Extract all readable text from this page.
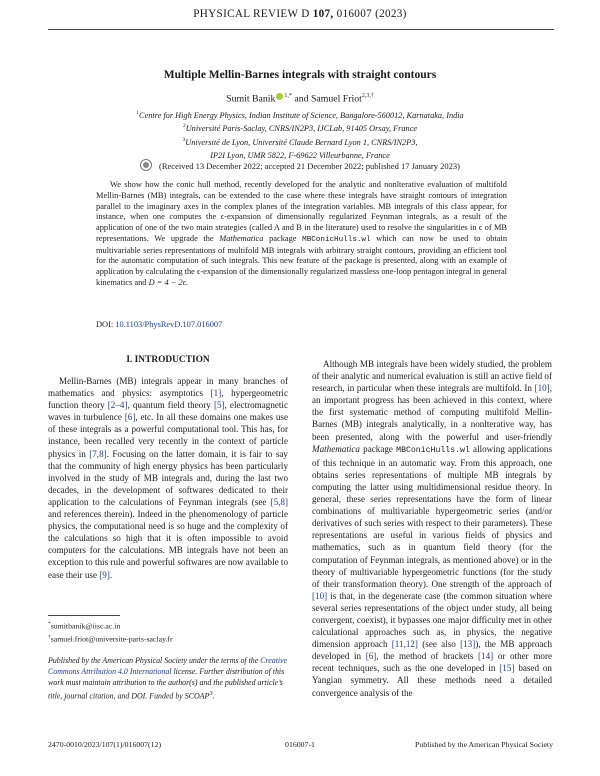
PHYSICAL REVIEW D 107, 016007 (2023)
Multiple Mellin-Barnes integrals with straight contours
Sumit Banik $^{1,*}$ and Samuel Friot$^{2,3,\dagger}$
$^1$Centre for High Energy Physics, Indian Institute of Science, Bangalore-560012, Karnataka, India
$^2$Université Paris-Saclay, CNRS/IN2P3, IJCLab, 91405 Orsay, France
$^3$Université de Lyon, Université Claude Bernard Lyon 1, CNRS/IN2P3,
IP2I Lyon, UMR 5822, F-69622 Villeurbanne, France
(Received 13 December 2022; accepted 21 December 2022; published 17 January 2023)
We show how the conic hull method, recently developed for the analytic and nonlterative evaluation of multifold Mellin-Barnes (MB) integrals, can be extended to the case where these integrals have straight contours of integration parallel to the imaginary axes in the complex planes of the integration variables. MB integrals of this class appear, for instance, when one computes the ϵ-expansion of dimensionally regularized Feynman integrals, as a result of the application of one of the two main strategies (called A and B in the literature) used to resolve the singularities in ϵ of MB representations. We upgrade the Mathematica package MBConicHulls.wl which can now be used to obtain multivariable series representations of multifold MB integrals with arbitrary straight contours, providing an efficient tool for the automatic computation of such integrals. This new feature of the package is presented, along with an example of application by calculating the ϵ-expansion of the dimensionally regularized massless one-loop pentagon integral in general kinematics and D = 4 − 2ϵ.
DOI: 10.1103/PhysRevD.107.016007
I. INTRODUCTION

Mellin-Barnes (MB) integrals appear in many branches of mathematics and physics: asymptotics [1], hypergeometric function theory [2–4], quantum field theory [5], electromagnetic waves in turbulence [6], etc. In all these domains one makes use of these integrals as a powerful computational tool. This has, for instance, been recalled very recently in the context of particle physics in [7,8]. Focusing on the latter domain, it is fair to say that the community of high energy physics has been particularly involved in the study of MB integrals and, during the last two decades, in the development of softwares dedicated to their application to the calculations of Feynman integrals (see [5,8] and references therein). Indeed in the phenomenology of particle physics, the computational need is so huge and the complexity of the calculations so high that it is often impossible to avoid computers for the calculations. MB integrals have not been an exception to this rule and powerful softwares are now available to ease their use [9].

*sumitbanik@iisc.ac.in
†samuel.friot@universite-paris-saclay.fr
Published by the American Physical Society under the terms of the Creative Commons Attribution 4.0 International license. Further distribution of this work must maintain attribution to the author(s) and the published article’s title, journal citation, and DOI. Funded by SCOAP$^3$.

Although MB integrals have been widely studied, the problem of their analytic and numerical evaluation is still an active field of research, in particular when these integrals are multifold. In [10], an important progress has been achieved in this context, where the first systematic method of computing multifold Mellin-Barnes (MB) integrals analytically, in a nonlterative way, has been presented, along with the powerful and user-friendly Mathematica package MBConicHulls.wl allowing applications of this technique in an automatic way. From this approach, one obtains series representations of multiple MB integrals by computing the latter using multidimensional residue theory. In general, these series representations have the form of linear combinations of multivariable hypergeometric series (and/or derivatives of such series with respect to their parameters). These representations are useful in various fields of physics and mathematics, such as in quantum field theory (for the computation of Feynman integrals, as mentioned above) or in the theory of multivariable hypergeometric functions (for the study of their transformation theory). One strength of the approach of [10] is that, in the degenerate case (the common situation where several series representations of the object under study, all being convergent, coexist), it bypasses one major difficulty met in other calculational approaches such as, in physics, the negative dimension approach [11,12] (see also [13]), the MB approach developed in [6], the method of brackets [14] or other more recent techniques, such as the one developed in [15] based on Yangian symmetry. All these methods need a detailed convergence analysis of the

2470-0010/2023/107(1)/016007(12)	016007-1	Published by the American Physical Society
